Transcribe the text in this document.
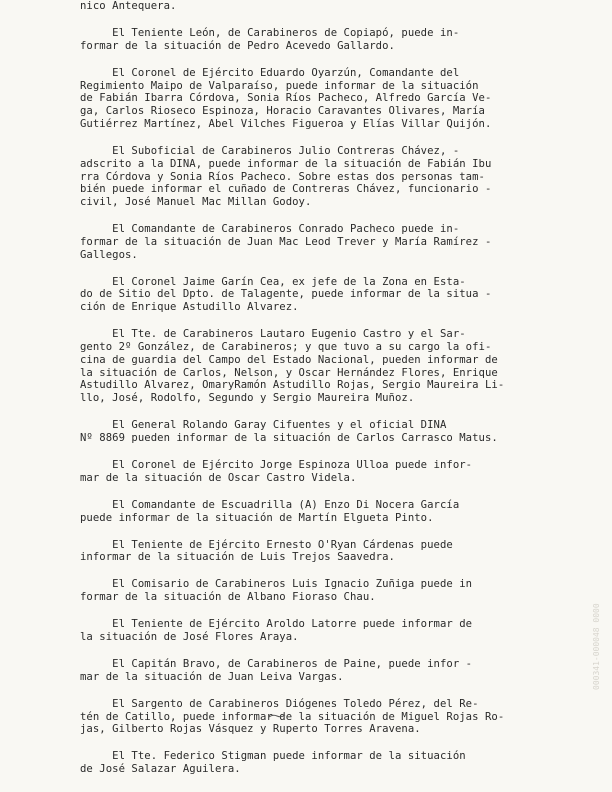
nico Antequera.
El Teniente León, de Carabineros de Copiapó, puede in-
formar de la situación de Pedro Acevedo Gallardo.
El Coronel de Ejército Eduardo Oyarzún, Comandante del
Regimiento Maipo de Valparaíso, puede informar de la situación
de Fabián Ibarra Córdova, Sonia Ríos Pacheco, Alfredo García Ve-
ga, Carlos Rioseco Espinoza, Horacio Caravantes Olivares, María
Gutiérrez Martínez, Abel Vilches Figueroa y Elías Villar Quijón.
El Suboficial de Carabineros Julio Contreras Chávez, -
adscrito a la DINA, puede informar de la situación de Fabián Ibu
rra Córdova y Sonia Ríos Pacheco. Sobre estas dos personas tam-
bién puede informar el cuñado de Contreras Chávez, funcionario -
civil, José Manuel Mac Millan Godoy.
El Comandante de Carabineros Conrado Pacheco puede in-
formar de la situación de Juan Mac Leod Trever y María Ramírez -
Gallegos.
El Coronel Jaime Garín Cea, ex jefe de la Zona en Esta-
do de Sitio del Dpto. de Talagente, puede informar de la situa -
ción de Enrique Astudillo Alvarez.
El Tte. de Carabineros Lautaro Eugenio Castro y el Sar-
gento 2º González, de Carabineros; y que tuvo a su cargo la ofi-
cina de guardia del Campo del Estado Nacional, pueden informar de
la situación de Carlos, Nelson, y Oscar Hernández Flores, Enrique
Astudillo Alvarez, OmaryRamón Astudillo Rojas, Sergio Maureira Li-
llo, José, Rodolfo, Segundo y Sergio Maureira Muñoz.
El General Rolando Garay Cifuentes y el oficial DINA
Nº 8869 pueden informar de la situación de Carlos Carrasco Matus.
El Coronel de Ejército Jorge Espinoza Ulloa puede infor-
mar de la situación de Oscar Castro Videla.
El Comandante de Escuadrilla (A) Enzo Di Nocera García
puede informar de la situación de Martín Elgueta Pinto.
El Teniente de Ejército Ernesto O'Ryan Cárdenas puede
informar de la situación de Luis Trejos Saavedra.
El Comisario de Carabineros Luis Ignacio Zuñiga puede in
formar de la situación de Albano Fioraso Chau.
El Teniente de Ejército Aroldo Latorre puede informar de
la situación de José Flores Araya.
El Capitán Bravo, de Carabineros de Paine, puede infor -
mar de la situación de Juan Leiva Vargas.
El Sargento de Carabineros Diógenes Toledo Pérez, del Re-
tén de Catillo, puede informar de la situación de Miguel Rojas Ro-
jas, Gilberto Rojas Vásquez y Ruperto Torres Aravena.
El Tte. Federico Stigman puede informar de la situación
de José Salazar Aguilera.
000341-000048 0000
